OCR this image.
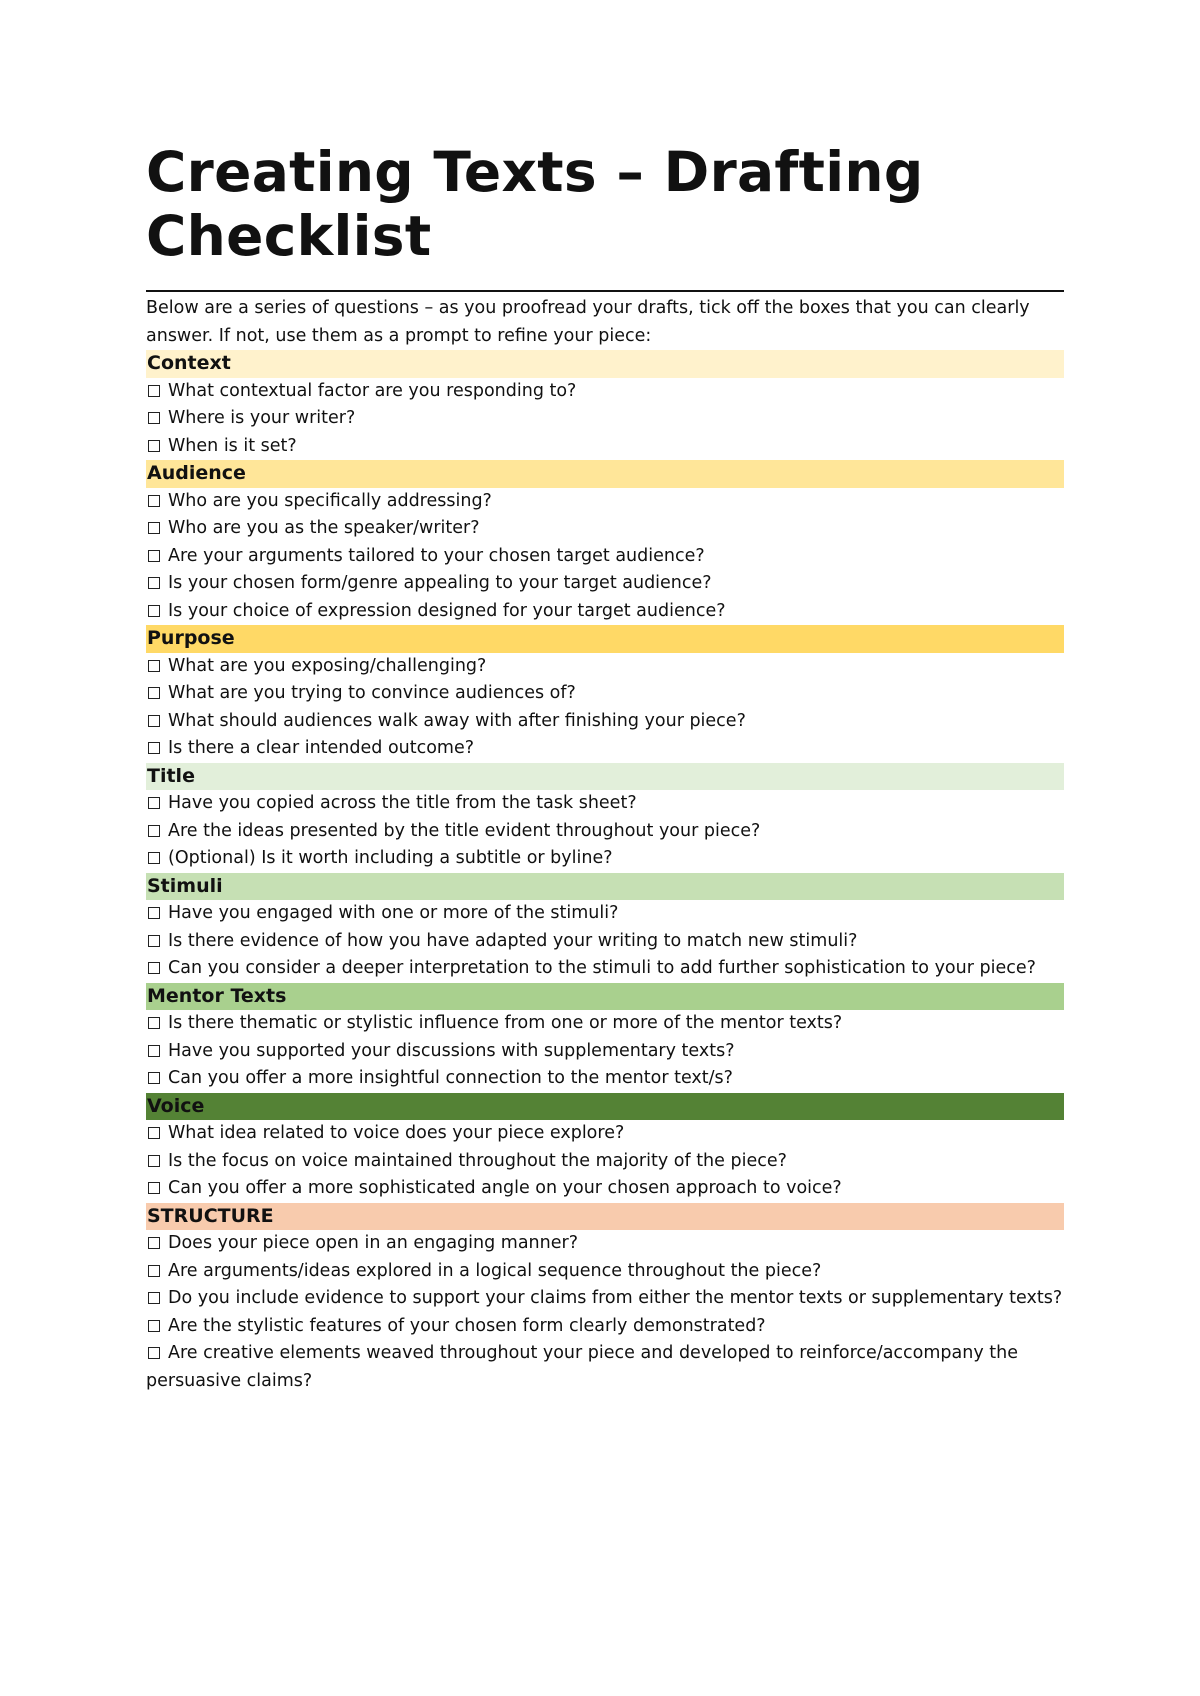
Creating Texts – Drafting Checklist

Below are a series of questions – as you proofread your drafts, tick off the boxes that you can clearly answer. If not, use them as a prompt to refine your piece:

Context
What contextual factor are you responding to?
Where is your writer?
When is it set?
Audience
Who are you specifically addressing?
Who are you as the speaker/writer?
Are your arguments tailored to your chosen target audience?
Is your chosen form/genre appealing to your target audience?
Is your choice of expression designed for your target audience?
Purpose
What are you exposing/challenging?
What are you trying to convince audiences of?
What should audiences walk away with after finishing your piece?
Is there a clear intended outcome?
Title
Have you copied across the title from the task sheet?
Are the ideas presented by the title evident throughout your piece?
(Optional) Is it worth including a subtitle or byline?
Stimuli
Have you engaged with one or more of the stimuli?
Is there evidence of how you have adapted your writing to match new stimuli?
Can you consider a deeper interpretation to the stimuli to add further sophistication to your piece?
Mentor Texts
Is there thematic or stylistic influence from one or more of the mentor texts?
Have you supported your discussions with supplementary texts?
Can you offer a more insightful connection to the mentor text/s?
Voice
What idea related to voice does your piece explore?
Is the focus on voice maintained throughout the majority of the piece?
Can you offer a more sophisticated angle on your chosen approach to voice?
STRUCTURE
Does your piece open in an engaging manner?
Are arguments/ideas explored in a logical sequence throughout the piece?
Do you include evidence to support your claims from either the mentor texts or supplementary texts?
Are the stylistic features of your chosen form clearly demonstrated?
Are creative elements weaved throughout your piece and developed to reinforce/accompany the persuasive claims?
